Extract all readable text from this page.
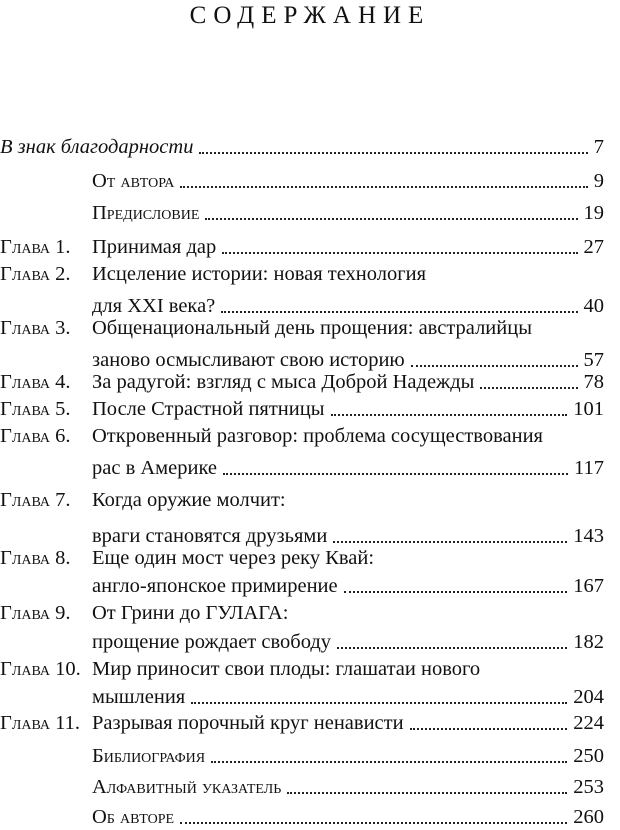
СОДЕРЖАНИЕ
В знак благодарности	7
От автора	9
Предисловие	19
Глава 1.	Принимая дар	27
Глава 2.	Исцеление истории: новая технология
для XXI века?	40
Глава 3.	Общенациональный день прощения: австралийцы
заново осмысливают свою историю	57
Глава 4.	За радугой: взгляд с мыса Доброй Надежды	78
Глава 5.	После Страстной пятницы	101
Глава 6.	Откровенный разговор: проблема сосуществования
рас в Америке	117
Глава 7.	Когда оружие молчит:
враги становятся друзьями	143
Глава 8.	Еще один мост через реку Квай:
англо-японское примирение	167
Глава 9.	От Грини до ГУЛАГА:
прощение рождает свободу	182
Глава 10. Мир приносит свои плоды: глашатаи нового
мышления	204
Глава 11. Разрывая порочный круг ненависти	224
Библиография	250
Алфавитный указатель	253
Об авторе	260
